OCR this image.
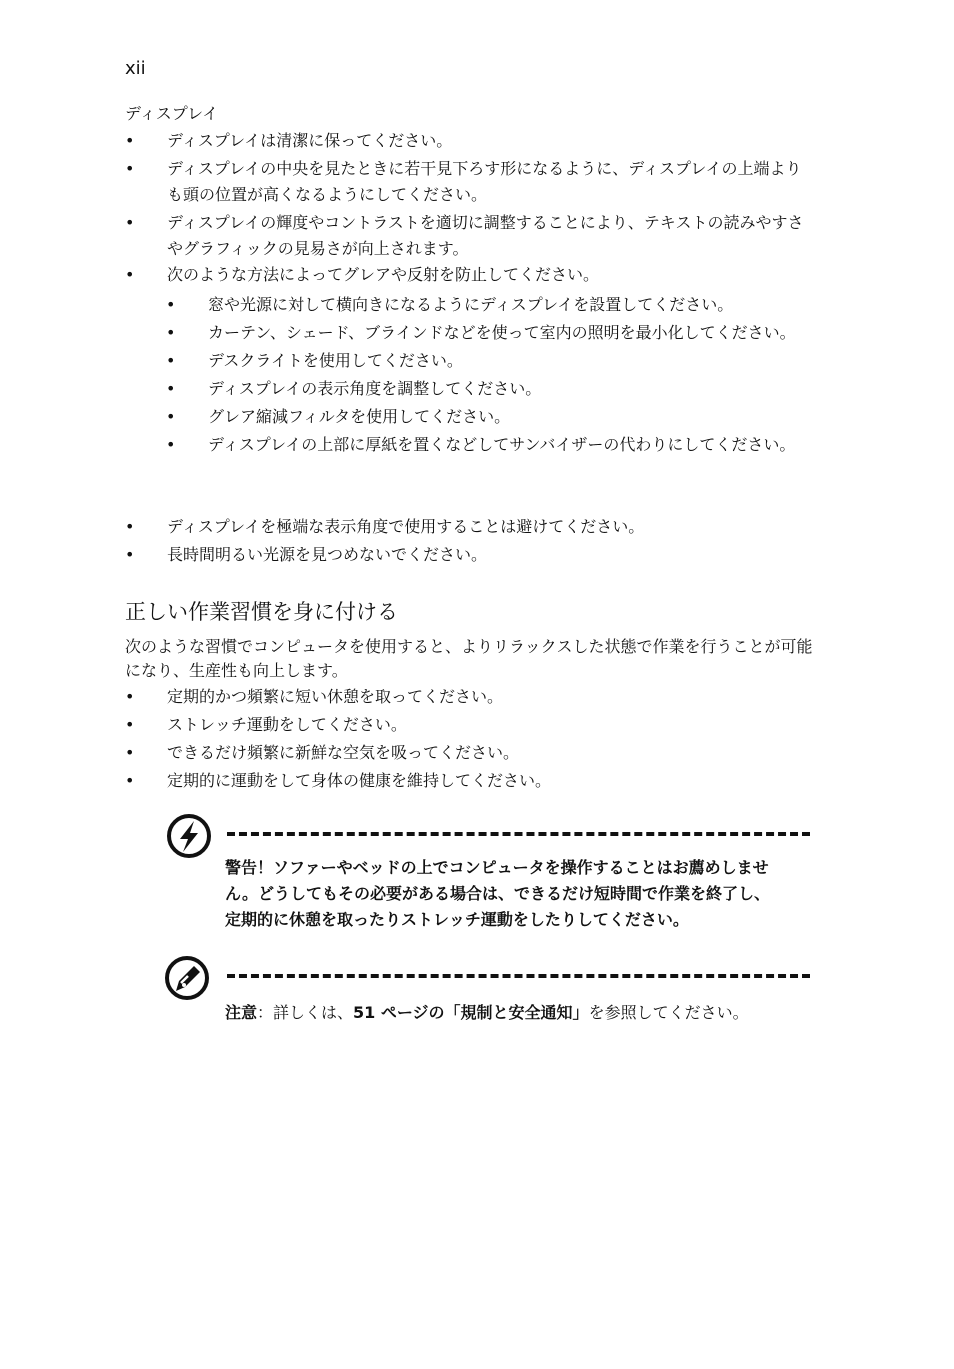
xii
ディスプレイ
• ディスプレイは清潔に保ってください。
• ディスプレイの中央を見たときに若干見下ろす形になるように、ディスプレイの上端よりも頭の位置が高くなるようにしてください。
• ディスプレイの輝度やコントラストを適切に調整することにより、テキストの読みやすさやグラフィックの見易さが向上されます。
• 次のような方法によってグレアや反射を防止してください。
• 窓や光源に対して横向きになるようにディスプレイを設置してください。
• カーテン、シェード、ブラインドなどを使って室内の照明を最小化してください。
• デスクライトを使用してください。
• ディスプレイの表示角度を調整してください。
• グレア縮減フィルタを使用してください。
• ディスプレイの上部に厚紙を置くなどしてサンバイザーの代わりにしてください。
• ディスプレイを極端な表示角度で使用することは避けてください。
• 長時間明るい光源を見つめないでください。
正しい作業習慣を身に付ける
次のような習慣でコンピュータを使用すると、よりリラックスした状態で作業を行うことが可能になり、生産性も向上します。
• 定期的かつ頻繁に短い休憩を取ってください。
• ストレッチ運動をしてください。
• できるだけ頻繁に新鮮な空気を吸ってください。
• 定期的に運動をして身体の健康を維持してください。
警告！ソファーやベッドの上でコンピュータを操作することはお薦めしません。どうしてもその必要がある場合は、できるだけ短時間で作業を終了し、定期的に休憩を取ったりストレッチ運動をしたりしてください。
注意：詳しくは、51 ページの「規制と安全通知」を参照してください。
